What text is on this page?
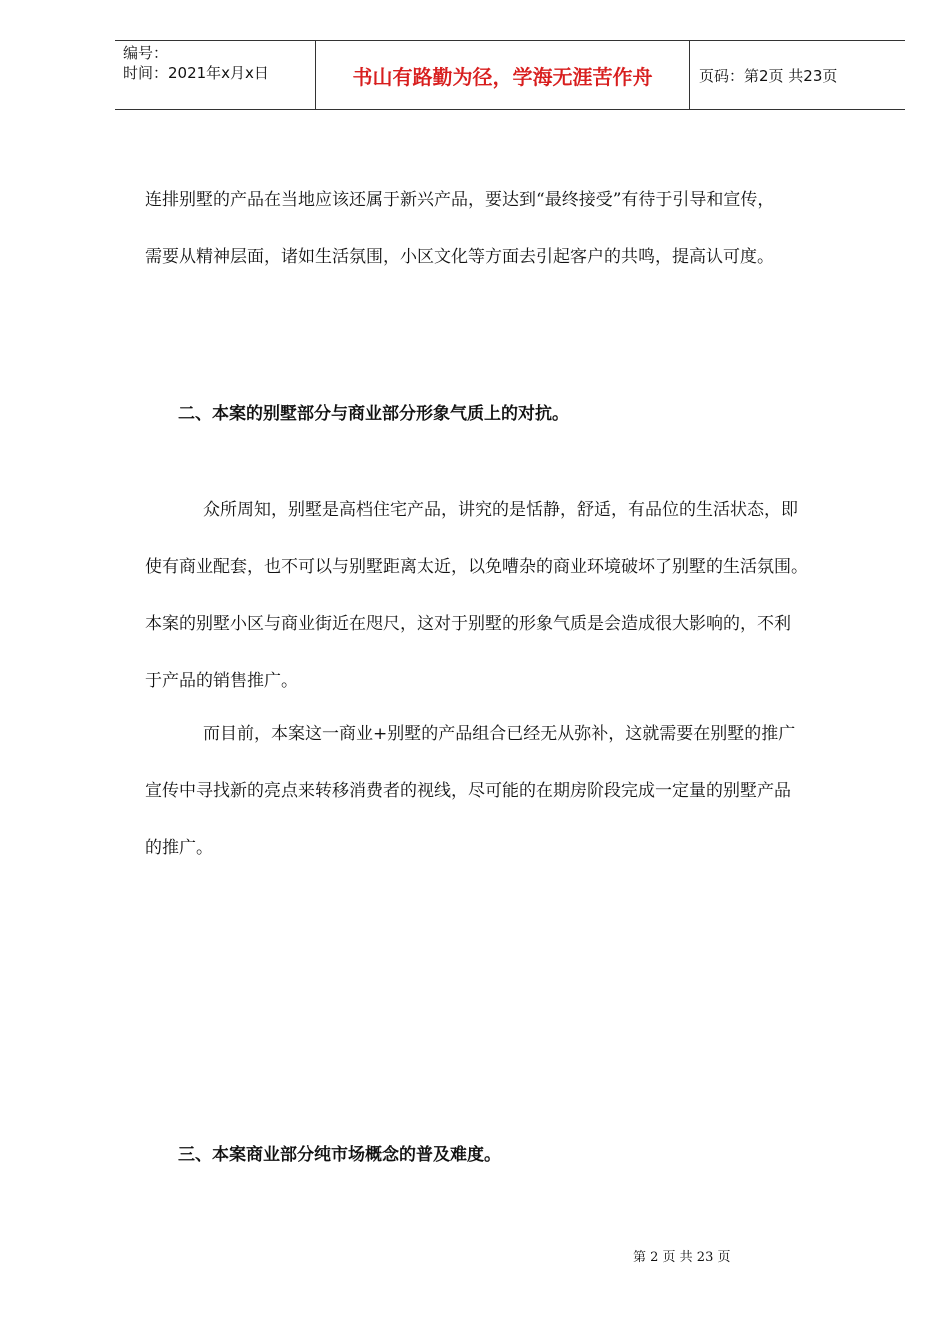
编号：
时间：2021年x月x日	书山有路勤为径，学海无涯苦作舟	页码：第2页 共23页

连排别墅的产品在当地应该还属于新兴产品，要达到“最终接受”有待于引导和宣传，

需要从精神层面，诸如生活氛围，小区文化等方面去引起客户的共鸣，提高认可度。

二、本案的别墅部分与商业部分形象气质上的对抗。

众所周知，别墅是高档住宅产品，讲究的是恬静，舒适，有品位的生活状态，即

使有商业配套，也不可以与别墅距离太近，以免嘈杂的商业环境破坏了别墅的生活氛围。

本案的别墅小区与商业街近在咫尺，这对于别墅的形象气质是会造成很大影响的，不利

于产品的销售推广。

而目前，本案这一商业+别墅的产品组合已经无从弥补，这就需要在别墅的推广

宣传中寻找新的亮点来转移消费者的视线，尽可能的在期房阶段完成一定量的别墅产品

的推广。

三、本案商业部分纯市场概念的普及难度。
第 2 页 共 23 页
